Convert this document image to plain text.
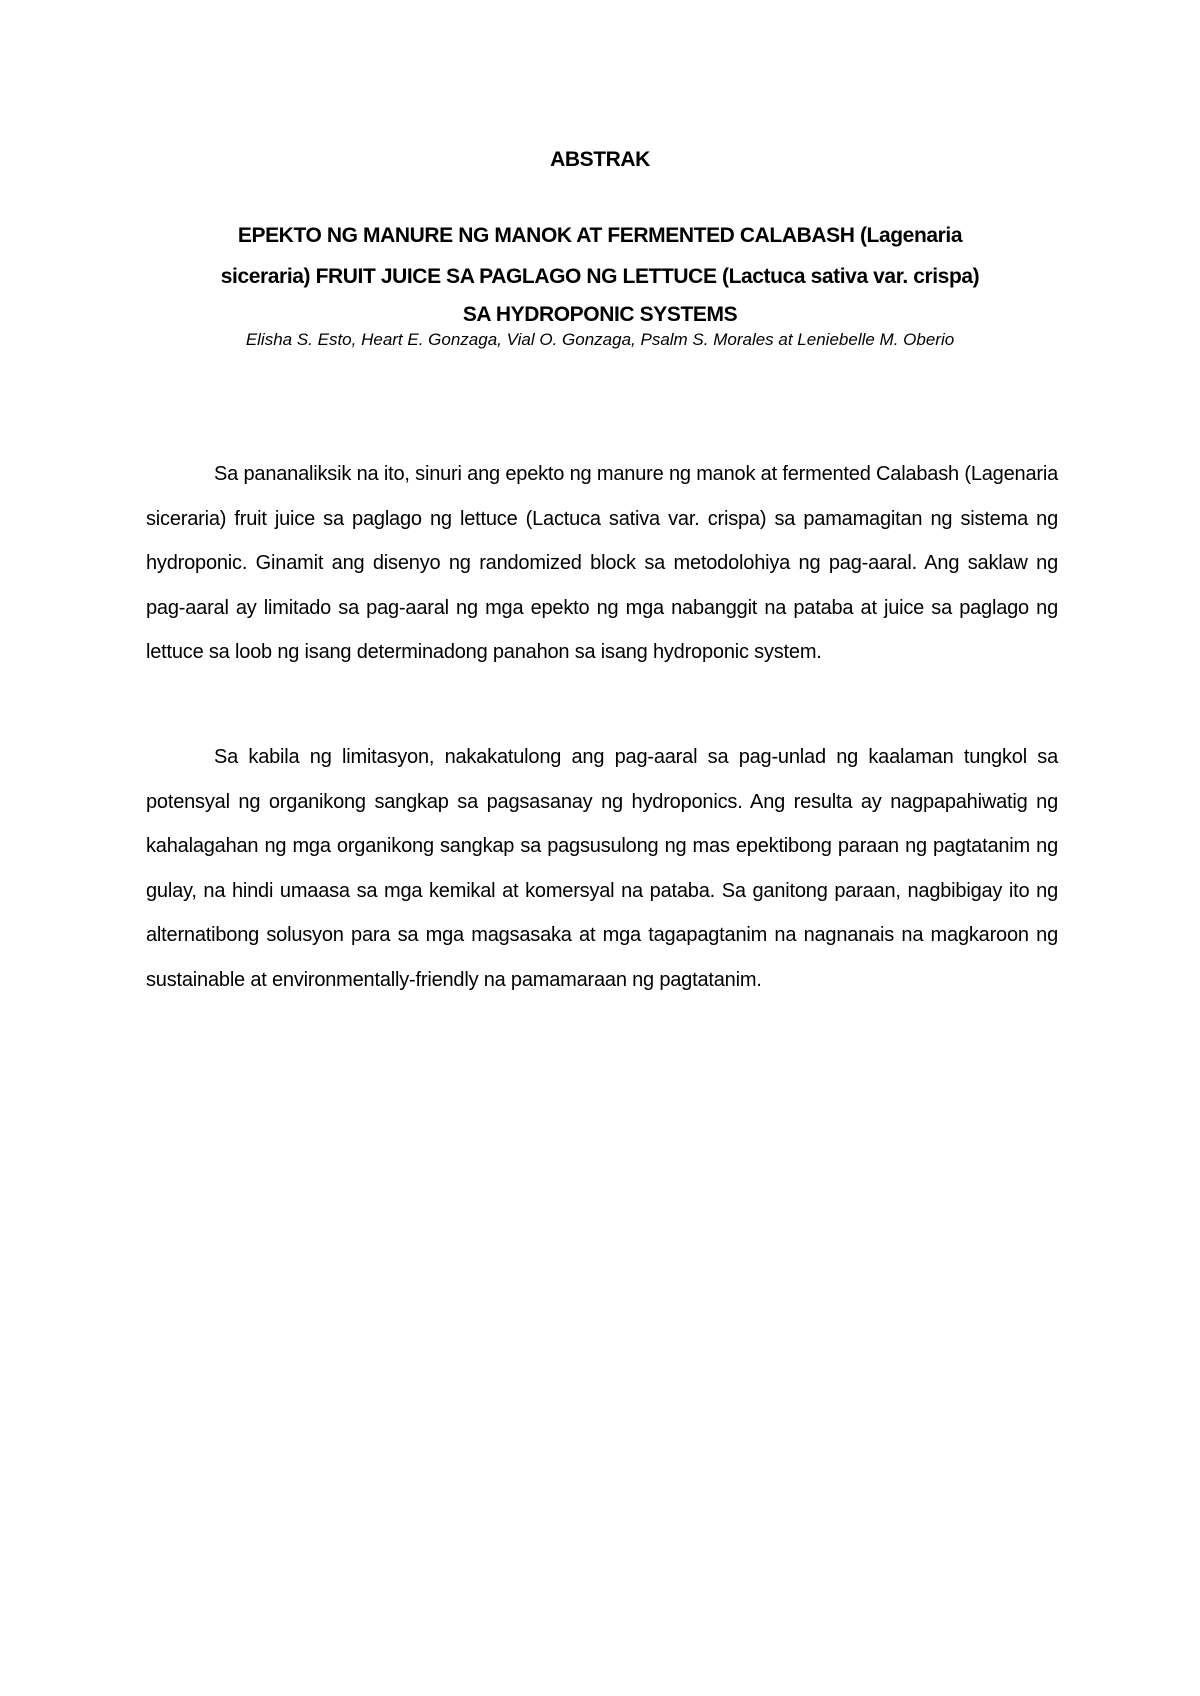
ABSTRAK
EPEKTO NG MANURE NG MANOK AT FERMENTED CALABASH (Lagenaria
siceraria) FRUIT JUICE SA PAGLAGO NG LETTUCE (Lactuca sativa var. crispa)
SA HYDROPONIC SYSTEMS
Elisha S. Esto, Heart E. Gonzaga, Vial O. Gonzaga, Psalm S. Morales at Leniebelle M. Oberio
Sa pananaliksik na ito, sinuri ang epekto ng manure ng manok at fermented Calabash (Lagenaria siceraria) fruit juice sa paglago ng lettuce (Lactuca sativa var. crispa) sa pamamagitan ng sistema ng hydroponic. Ginamit ang disenyo ng randomized block sa metodolohiya ng pag-aaral. Ang saklaw ng pag-aaral ay limitado sa pag-aaral ng mga epekto ng mga nabanggit na pataba at juice sa paglago ng lettuce sa loob ng isang determinadong panahon sa isang hydroponic system.
Sa kabila ng limitasyon, nakakatulong ang pag-aaral sa pag-unlad ng kaalaman tungkol sa potensyal ng organikong sangkap sa pagsasanay ng hydroponics. Ang resulta ay nagpapahiwatig ng kahalagahan ng mga organikong sangkap sa pagsusulong ng mas epektibong paraan ng pagtatanim ng gulay, na hindi umaasa sa mga kemikal at komersyal na pataba. Sa ganitong paraan, nagbibigay ito ng alternatibong solusyon para sa mga magsasaka at mga tagapagtanim na nagnanais na magkaroon ng sustainable at environmentally-friendly na pamamaraan ng pagtatanim.
